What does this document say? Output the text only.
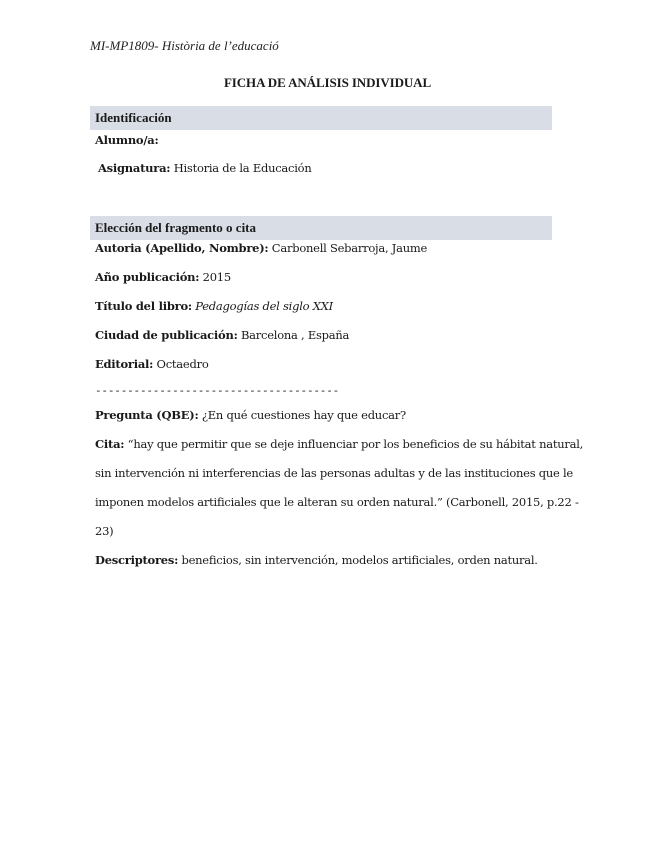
MI-MP1809- Història de l’educació
FICHA DE ANÁLISIS INDIVIDUAL
Identificación
Alumno/a:
Asignatura: Historia de la Educación
Elección del fragmento o cita
Autoria (Apellido, Nombre): Carbonell Sebarroja, Jaume
Año publicación: 2015
Título del libro: Pedagogías del siglo XXI
Ciudad de publicación: Barcelona , España
Editorial: Octaedro
--------------------------------------
Pregunta (QBE): ¿En qué cuestiones hay que educar?
Cita: “hay que permitir que se deje influenciar por los beneficios de su hábitat natural,
sin intervención ni interferencias de las personas adultas y de las instituciones que le
imponen modelos artificiales que le alteran su orden natural.” (Carbonell, 2015, p.22 -
23)
Descriptores: beneficios, sin intervención, modelos artificiales, orden natural.
